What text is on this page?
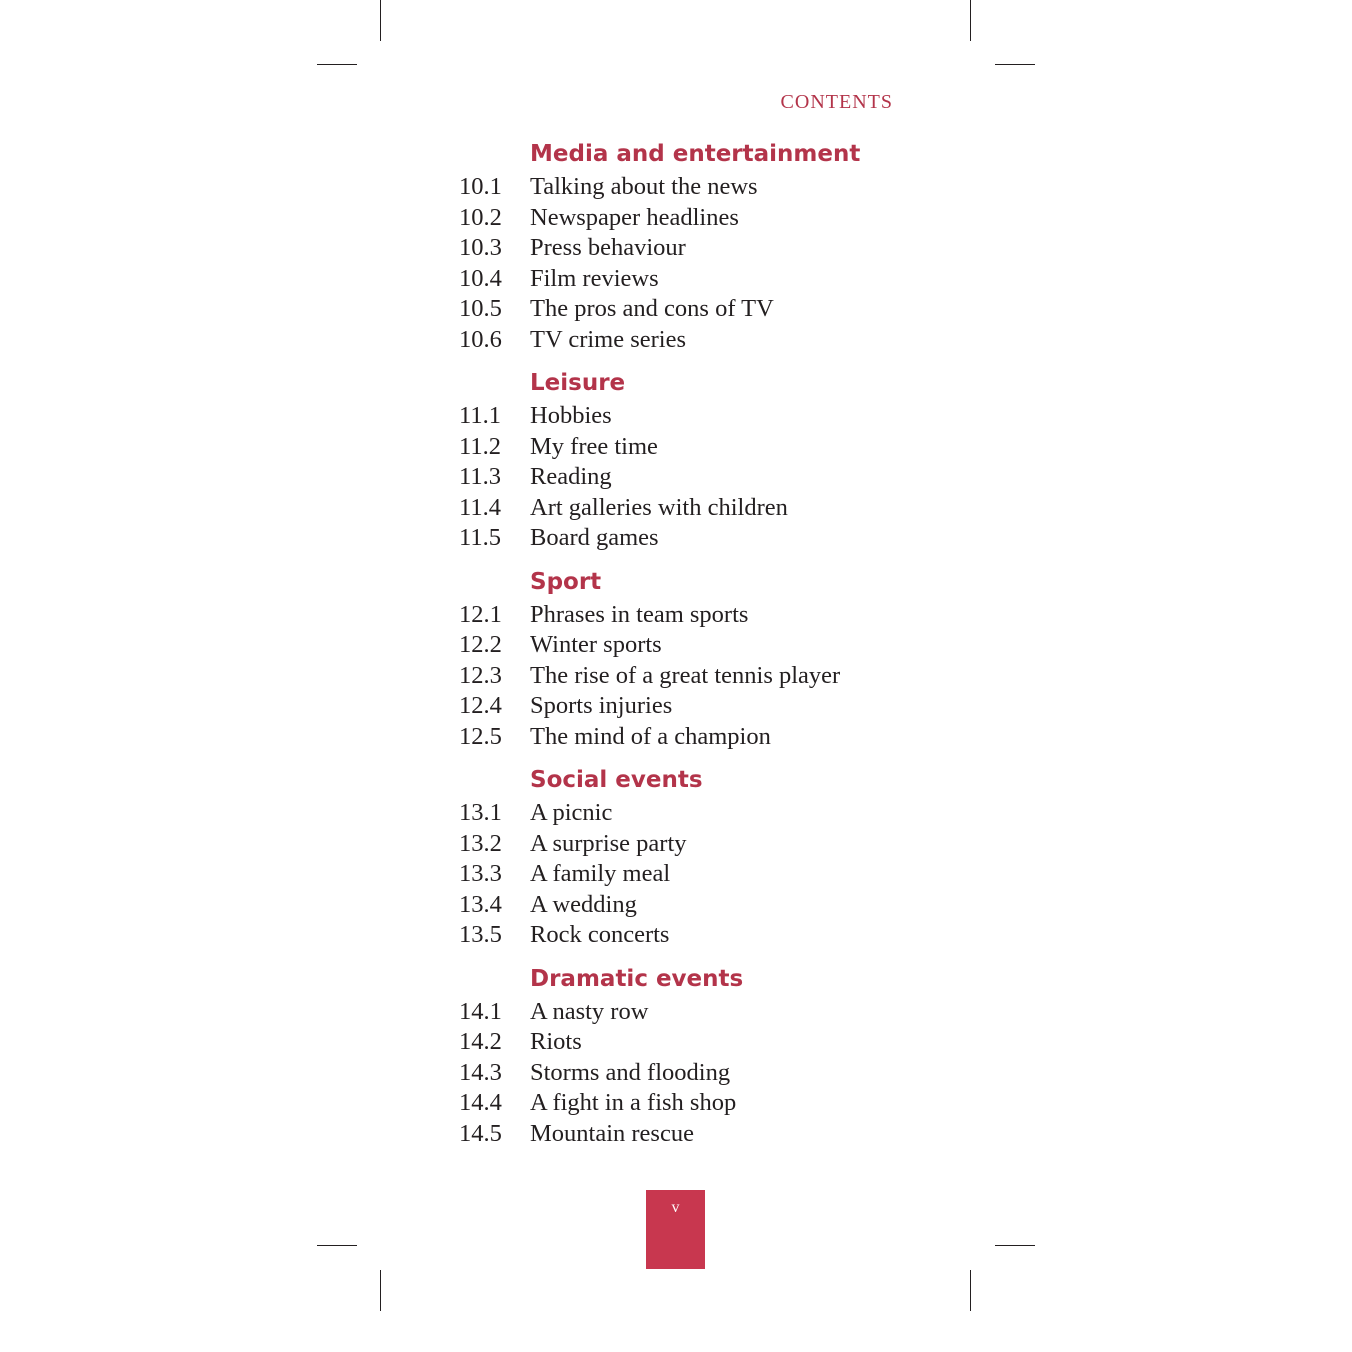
CONTENTS
Media and entertainment
10.1	Talking about the news
10.2	Newspaper headlines
10.3	Press behaviour
10.4	Film reviews
10.5	The pros and cons of TV
10.6	TV crime series
Leisure
11.1	Hobbies
11.2	My free time
11.3	Reading
11.4	Art galleries with children
11.5	Board games
Sport
12.1	Phrases in team sports
12.2	Winter sports
12.3	The rise of a great tennis player
12.4	Sports injuries
12.5	The mind of a champion
Social events
13.1	A picnic
13.2	A surprise party
13.3	A family meal
13.4	A wedding
13.5	Rock concerts
Dramatic events
14.1	A nasty row
14.2	Riots
14.3	Storms and flooding
14.4	A fight in a fish shop
14.5	Mountain rescue
v
